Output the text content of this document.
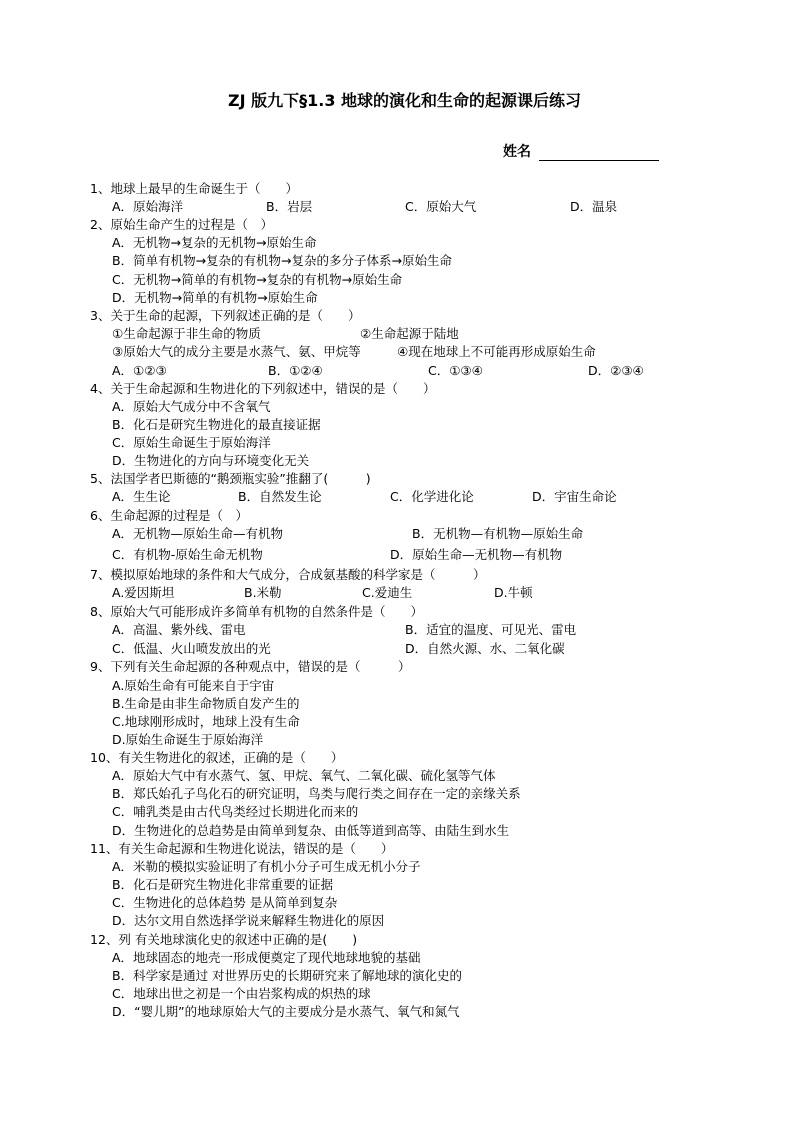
ZJ 版九下§1.3 地球的演化和生命的起源课后练习
姓名
1、地球上最早的生命诞生于（　　）
A．原始海洋	B．岩层	C．原始大气	D．温泉
2、原始生命产生的过程是（　）
A．无机物→复杂的无机物→原始生命
B．简单有机物→复杂的有机物→复杂的多分子体系→原始生命
C．无机物→简单的有机物→复杂的有机物→原始生命
D．无机物→简单的有机物→原始生命
3、关于生命的起源，下列叙述正确的是（　　）
①生命起源于非生命的物质	②生命起源于陆地
③原始大气的成分主要是水蒸气、氨、甲烷等	④现在地球上不可能再形成原始生命
A．①②③	B．①②④	C．①③④	D．②③④
4、关于生命起源和生物进化的下列叙述中，错误的是（　　）
A．原始大气成分中不含氧气
B．化石是研究生物进化的最直接证据
C．原始生命诞生于原始海洋
D．生物进化的方向与环境变化无关
5、法国学者巴斯德的“鹅颈瓶实验”推翻了(　　　)
A．生生论	B．自然发生论	C．化学进化论	D．宇宙生命论
6、生命起源的过程是（　）
A．无机物—原始生命—有机物	B．无机物—有机物—原始生命
C．有机物-原始生命无机物	D．原始生命—无机物—有机物
7、模拟原始地球的条件和大气成分，合成氨基酸的科学家是（　　　）
A.爱因斯坦	B.米勒	C.爱迪生	D.牛顿
8、原始大气可能形成许多简单有机物的自然条件是（　　）
A．高温、紫外线、雷电	B．适宜的温度、可见光、雷电
C．低温、火山喷发放出的光	D．自然火源、水、二氧化碳
9、下列有关生命起源的各种观点中，错误的是（　　　）
A.原始生命有可能来自于宇宙
B.生命是由非生命物质自发产生的
C.地球刚形成时，地球上没有生命
D.原始生命诞生于原始海洋
10、有关生物进化的叙述，正确的是（　　）
A．原始大气中有水蒸气、氢、甲烷、氧气、二氧化碳、硫化氢等气体
B．郑氏始孔子鸟化石的研究证明，鸟类与爬行类之间存在一定的亲缘关系
C．哺乳类是由古代鸟类经过长期进化而来的
D．生物进化的总趋势是由简单到复杂、由低等道到高等、由陆生到水生
11、有关生命起源和生物进化说法，错误的是（　　）
A．米勒的模拟实验证明了有机小分子可生成无机小分子
B．化石是研究生物进化非常重要的证据
C．生物进化的总体趋势 是从简单到复杂
D．达尔文用自然选择学说来解释生物进化的原因
12、列 有关地球演化史的叙述中正确的是(　　)
A．地球固态的地壳一形成便奠定了现代地球地貌的基础
B．科学家是通过 对世界历史的长期研究来了解地球的演化史的
C．地球出世之初是一个由岩浆构成的炽热的球
D．“婴儿期”的地球原始大气的主要成分是水蒸气、氧气和氮气
